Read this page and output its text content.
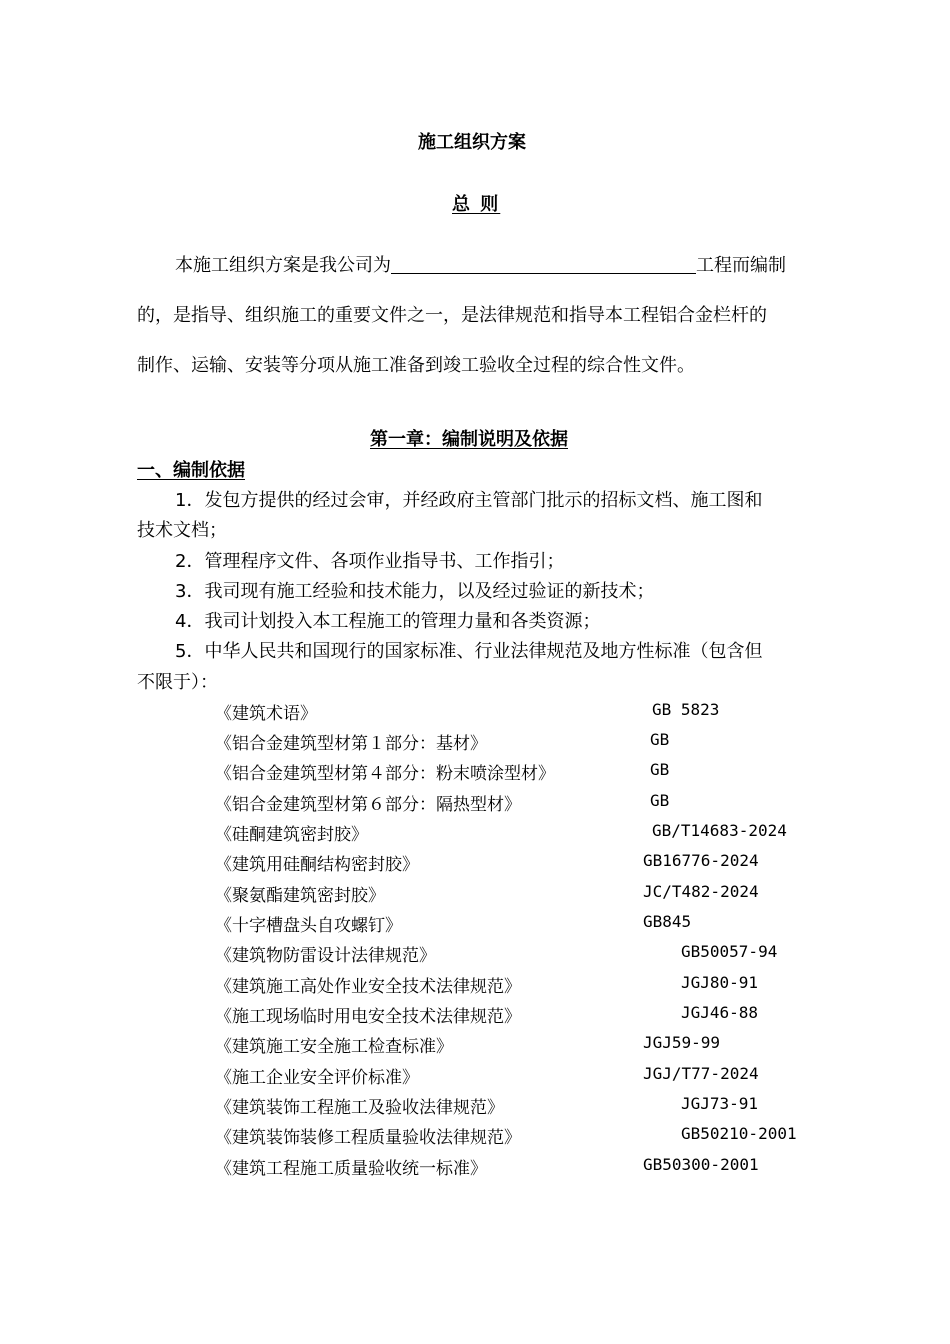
施工组织方案
总 则
本施工组织方案是我公司为	工程而编制
的，是指导、组织施工的重要文件之一，是法律规范和指导本工程铝合金栏杆的
制作、运输、安装等分项从施工准备到竣工验收全过程的综合性文件。
第一章：编制说明及依据
一、编制依据
1．发包方提供的经过会审，并经政府主管部门批示的招标文档、施工图和
技术文档；
2．管理程序文件、各项作业指导书、工作指引；
3．我司现有施工经验和技术能力，以及经过验证的新技术；
4．我司计划投入本工程施工的管理力量和各类资源；
5．中华人民共和国现行的国家标准、行业法律规范及地方性标准（包含但
不限于）：
《建筑术语》	GB 5823
《铝合金建筑型材第１部分：基材》	GB
《铝合金建筑型材第４部分：粉末喷涂型材》	GB
《铝合金建筑型材第６部分：隔热型材》	GB
《硅酮建筑密封胶》	GB/T14683-2024
《建筑用硅酮结构密封胶》	GB16776-2024
《聚氨酯建筑密封胶》	JC/T482-2024
《十字槽盘头自攻螺钉》	GB845
《建筑物防雷设计法律规范》	GB50057-94
《建筑施工高处作业安全技术法律规范》	JGJ80-91
《施工现场临时用电安全技术法律规范》	JGJ46-88
《建筑施工安全施工检查标准》	JGJ59-99
《施工企业安全评价标准》	JGJ/T77-2024
《建筑装饰工程施工及验收法律规范》	JGJ73-91
《建筑装饰装修工程质量验收法律规范》	GB50210-2001
《建筑工程施工质量验收统一标准》	GB50300-2001
